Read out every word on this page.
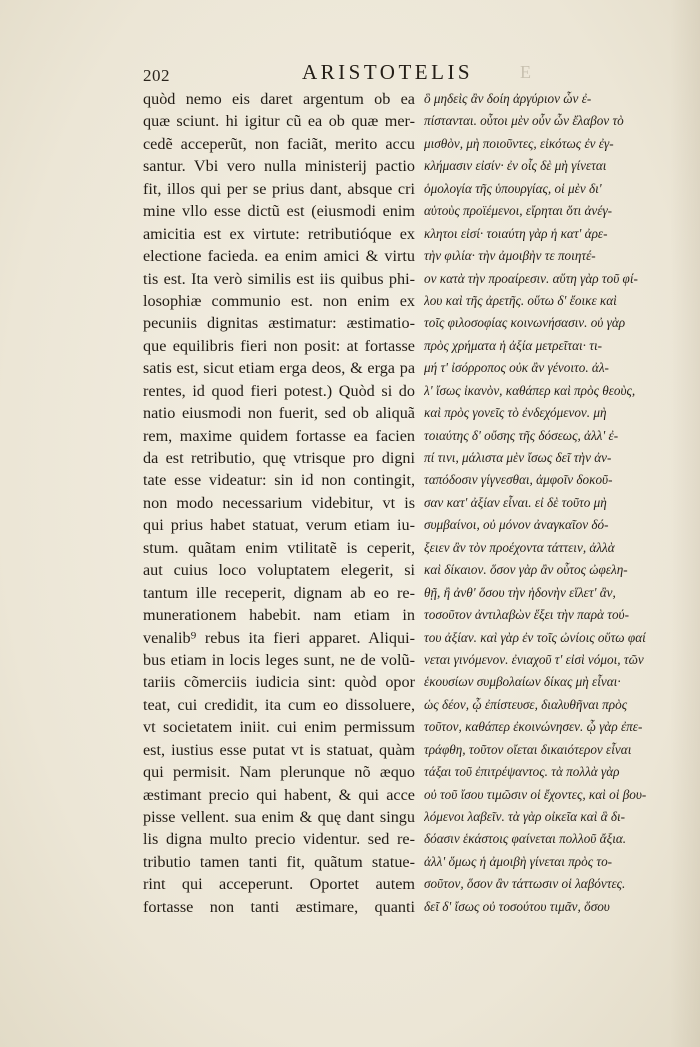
202	ARISTOTELIS	E
quòd nemo eis daret argentum ob ea
quæ sciunt. hi igitur cũ ea ob quæ mer-
cedẽ acceperũt, non faciãt, merito accu
santur. Vbi vero nulla ministerij pactio
fit, illos qui per se prius dant, absque cri
mine vllo esse dictũ est (eiusmodi enim
amicitia est ex virtute: retributióque ex
electione facieda. ea enim amici & virtu
tis est. Ita verò similis est iis quibus phi-
losophiæ communio est. non enim ex
pecuniis dignitas æstimatur: æstimatio-
que equilibris fieri non posit: at fortasse
satis est, sicut etiam erga deos, & erga pa
rentes, id quod fieri potest.) Quòd si do
natio eiusmodi non fuerit, sed ob aliquã
rem, maxime quidem fortasse ea facien
da est retributio, quę vtrisque pro digni
tate esse videatur: sin id non contingit,
non modo necessarium videbitur, vt is
qui prius habet statuat, verum etiam iu-
stum. quãtam enim vtilitatẽ is ceperit,
aut cuius loco voluptatem elegerit, si
tantum ille receperit, dignam ab eo re-
munerationem habebit. nam etiam in
venalib⁹ rebus ita fieri apparet. Aliqui-
bus etiam in locis leges sunt, ne de volũ-
tariis cõmerciis iudicia sint: quòd opor
teat, cui credidit, ita cum eo dissoluere,
vt societatem iniit. cui enim permissum
est, iustius esse putat vt is statuat, quàm
qui permisit. Nam plerunque nõ æquo
æstimant precio qui habent, & qui acce
pisse vellent. sua enim & quę dant singu
lis digna multo precio videntur. sed re-
tributio tamen tanti fit, quãtum statue-
rint qui acceperunt. Oportet autem
fortasse non tanti æstimare, quanti
ὃ μηδεὶς ἂν δοίη ἀργύριον ὧν ἐ-
πίστανται. οὗτοι μὲν οὖν ὧν ἔλαβον τὸ
μισθὸν, μὴ ποιοῦντες, εἰκότως ἐν ἐγ-
κλήμασιν εἰσίν· ἐν οἷς δὲ μὴ γίνεται
ὁμολογία τῆς ὑπουργίας, οἱ μὲν δι'
αὑτοὺς προϊέμενοι, εἴρηται ὅτι ἀνέγ-
κλητοι εἰσί· τοιαύτη γὰρ ἡ κατ' ἀρε-
τὴν φιλία· τὴν ἀμοιβὴν τε ποιητέ-
ον κατὰ τὴν προαίρεσιν. αὕτη γὰρ τοῦ φί-
λου καὶ τῆς ἀρετῆς. οὕτω δ' ἔοικε καὶ
τοῖς φιλοσοφίας κοινωνήσασιν. οὐ γὰρ
πρὸς χρήματα ἡ ἀξία μετρεῖται· τι-
μή τ' ἰσόρροπος οὐκ ἂν γένοιτο. ἀλ-
λ' ἴσως ἱκανὸν, καθάπερ καὶ πρὸς θεοὺς,
καὶ πρὸς γονεῖς τὸ ἐνδεχόμενον. μὴ
τοιαύτης δ' οὔσης τῆς δόσεως, ἀλλ' ἐ-
πί τινι, μάλιστα μὲν ἴσως δεῖ τὴν ἀν-
ταπόδοσιν γίγνεσθαι, ἀμφοῖν δοκοῦ-
σαν κατ' ἀξίαν εἶναι. εἰ δὲ τοῦτο μὴ
συμβαίνοι, οὐ μόνον ἀναγκαῖον δό-
ξειεν ἂν τὸν προέχοντα τάττειν, ἀλλὰ
καὶ δίκαιον. ὅσον γὰρ ἂν οὗτος ὠφελη-
θῇ, ἢ ἀνθ' ὅσου τὴν ἡδονὴν εἵλετ' ἂν,
τοσοῦτον ἀντιλαβὼν ἕξει τὴν παρὰ τού-
του ἀξίαν. καὶ γὰρ ἐν τοῖς ὠνίοις οὕτω φαί
νεται γινόμενον. ἐνιαχοῦ τ' εἰσὶ νόμοι, τῶν
ἑκουσίων συμβολαίων δίκας μὴ εἶναι·
ὡς δέον, ᾧ ἐπίστευσε, διαλυθῆναι πρὸς
τοῦτον, καθάπερ ἐκοινώνησεν. ᾧ γὰρ ἐπε-
τράφθη, τοῦτον οἴεται δικαιότερον εἶναι
τάξαι τοῦ ἐπιτρέψαντος. τὰ πολλὰ γὰρ
οὐ τοῦ ἴσου τιμῶσιν οἱ ἔχοντες, καὶ οἱ βου-
λόμενοι λαβεῖν. τὰ γὰρ οἰκεῖα καὶ ἃ δι-
δόασιν ἑκάστοις φαίνεται πολλοῦ ἄξια.
ἀλλ' ὅμως ἡ ἀμοιβὴ γίνεται πρὸς το-
σοῦτον, ὅσον ἂν τάττωσιν οἱ λαβόντες.
δεῖ δ' ἴσως οὐ τοσούτου τιμᾶν, ὅσου
